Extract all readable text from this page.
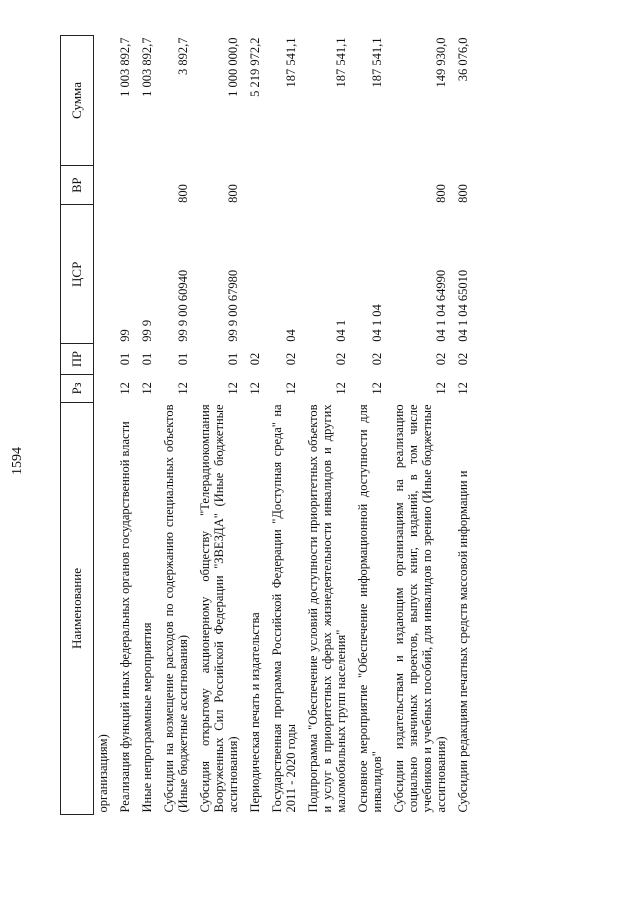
1594
Наименование	Рз	ПР	ЦСР	ВР	Сумма
организациям)					
Реализация функций иных федеральных органов государственной власти	12	01	99		1 003 892,7
Иные непрограммные мероприятия	12	01	99 9		1 003 892,7
Субсидии на возмещение расходов по содержанию специальных объектов (Иные бюджетные ассигнования)	12	01	99 9 00 60940	800	3 892,7
Субсидия открытому акционерному обществу "Телерадиокомпания Вооруженных Сил Российской Федерации "ЗВЕЗДА" (Иные бюджетные ассигнования)	12	01	99 9 00 67980	800	1 000 000,0
Периодическая печать и издательства	12	02			5 219 972,2
Государственная программа Российской Федерации "Доступная среда" на 2011 - 2020 годы	12	02	04		187 541,1
Подпрограмма "Обеспечение условий доступности приоритетных объектов и услуг в приоритетных сферах жизнедеятельности инвалидов и других маломобильных групп населения"	12	02	04 1		187 541,1
Основное мероприятие "Обеспечение информационной доступности для инвалидов"	12	02	04 1 04		187 541,1
Субсидии издательствам и издающим организациям на реализацию социально значимых проектов, выпуск книг, изданий, в том числе учебников и учебных пособий, для инвалидов по зрению (Иные бюджетные ассигнования)	12	02	04 1 04 64990	800	149 930,0
Субсидии редакциям печатных средств массовой информации и	12	02	04 1 04 65010	800	36 076,0
